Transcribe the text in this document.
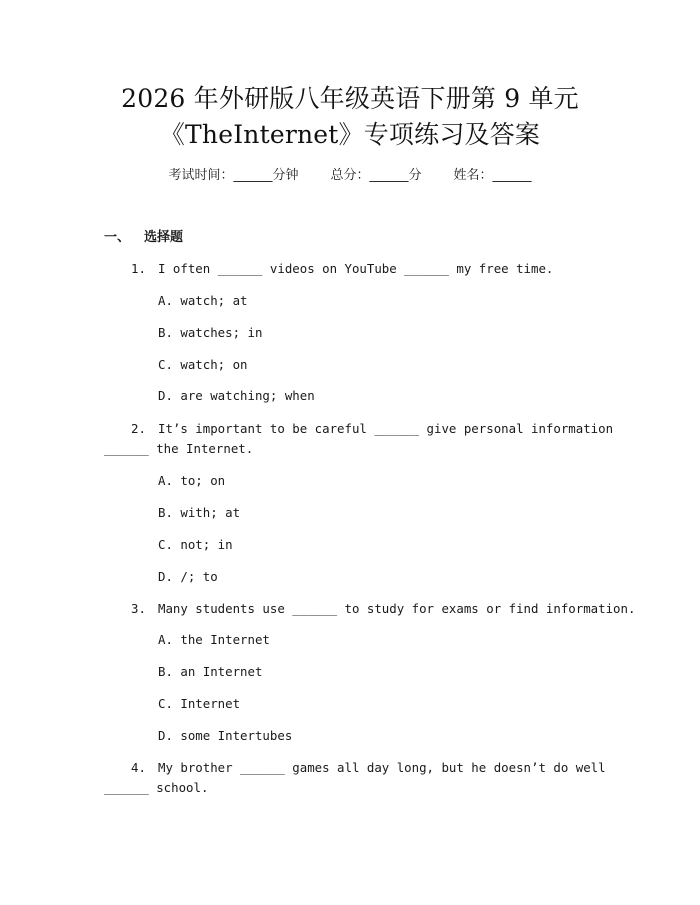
2026 年外研版八年级英语下册第 9 单元
《TheInternet》专项练习及答案
考试时间：______分钟 总分：______分 姓名：______
一、 选择题
1. I often ______ videos on YouTube ______ my free time.
A. watch; at
B. watches; in
C. watch; on
D. are watching; when
2. It’s important to be careful ______ give personal information
______ the Internet.
A. to; on
B. with; at
C. not; in
D. /; to
3. Many students use ______ to study for exams or find information.
A. the Internet
B. an Internet
C. Internet
D. some Intertubes
4. My brother ______ games all day long, but he doesn’t do well
______ school.
